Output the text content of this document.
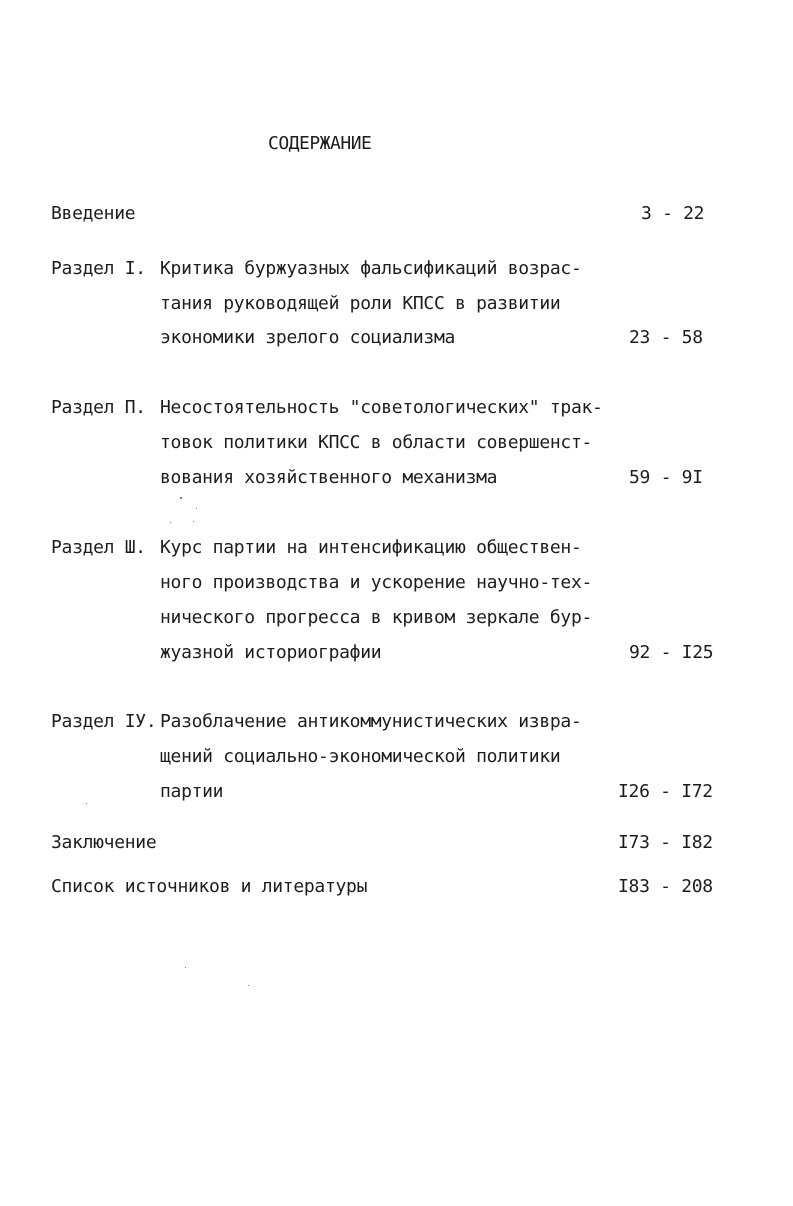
СОДЕРЖАНИЕ
Введение	3 - 22
Раздел I. Критика буржуазных фальсификаций возрас-
тания руководящей роли КПСС в развитии
экономики зрелого социализма	23 - 58
Раздел П. Несостоятельность "советологических" трак-
товок политики КПСС в области совершенст-
вования хозяйственного механизма	59 - 9I
Раздел Ш. Курс партии на интенсификацию обществен-
ного производства и ускорение научно-тех-
нического прогресса в кривом зеркале бур-
жуазной историографии	92 - I25
Раздел IУ. Разоблачение антикоммунистических извра-
щений социально-экономической политики
партии	I26 - I72
Заключение	I73 - I82
Список источников и литературы	I83 - 208
